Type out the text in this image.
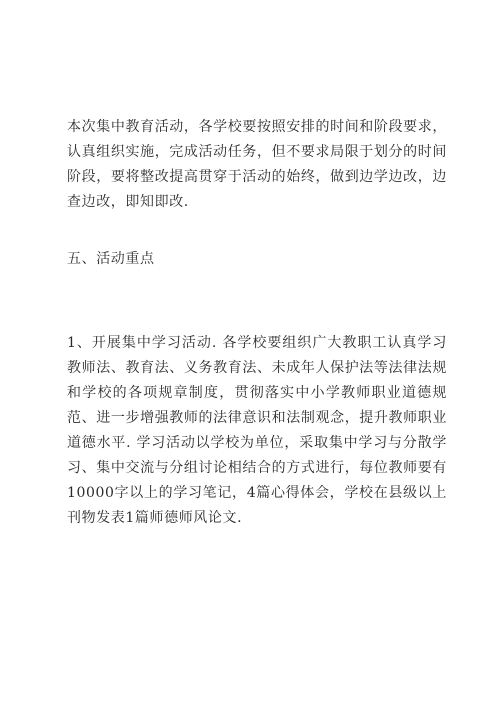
本次集中教育活动，各学校要按照安排的时间和阶段要求，认真组织实施，完成活动任务，但不要求局限于划分的时间阶段，要将整改提高贯穿于活动的始终，做到边学边改，边查边改，即知即改.

五、活动重点

1、开展集中学习活动. 各学校要组织广大教职工认真学习教师法、教育法、义务教育法、未成年人保护法等法律法规和学校的各项规章制度，贯彻落实中小学教师职业道德规范、进一步增强教师的法律意识和法制观念，提升教师职业道德水平. 学习活动以学校为单位，采取集中学习与分散学习、集中交流与分组讨论相结合的方式进行，每位教师要有10000字以上的学习笔记，4篇心得体会，学校在县级以上刊物发表1篇师德师风论文.
